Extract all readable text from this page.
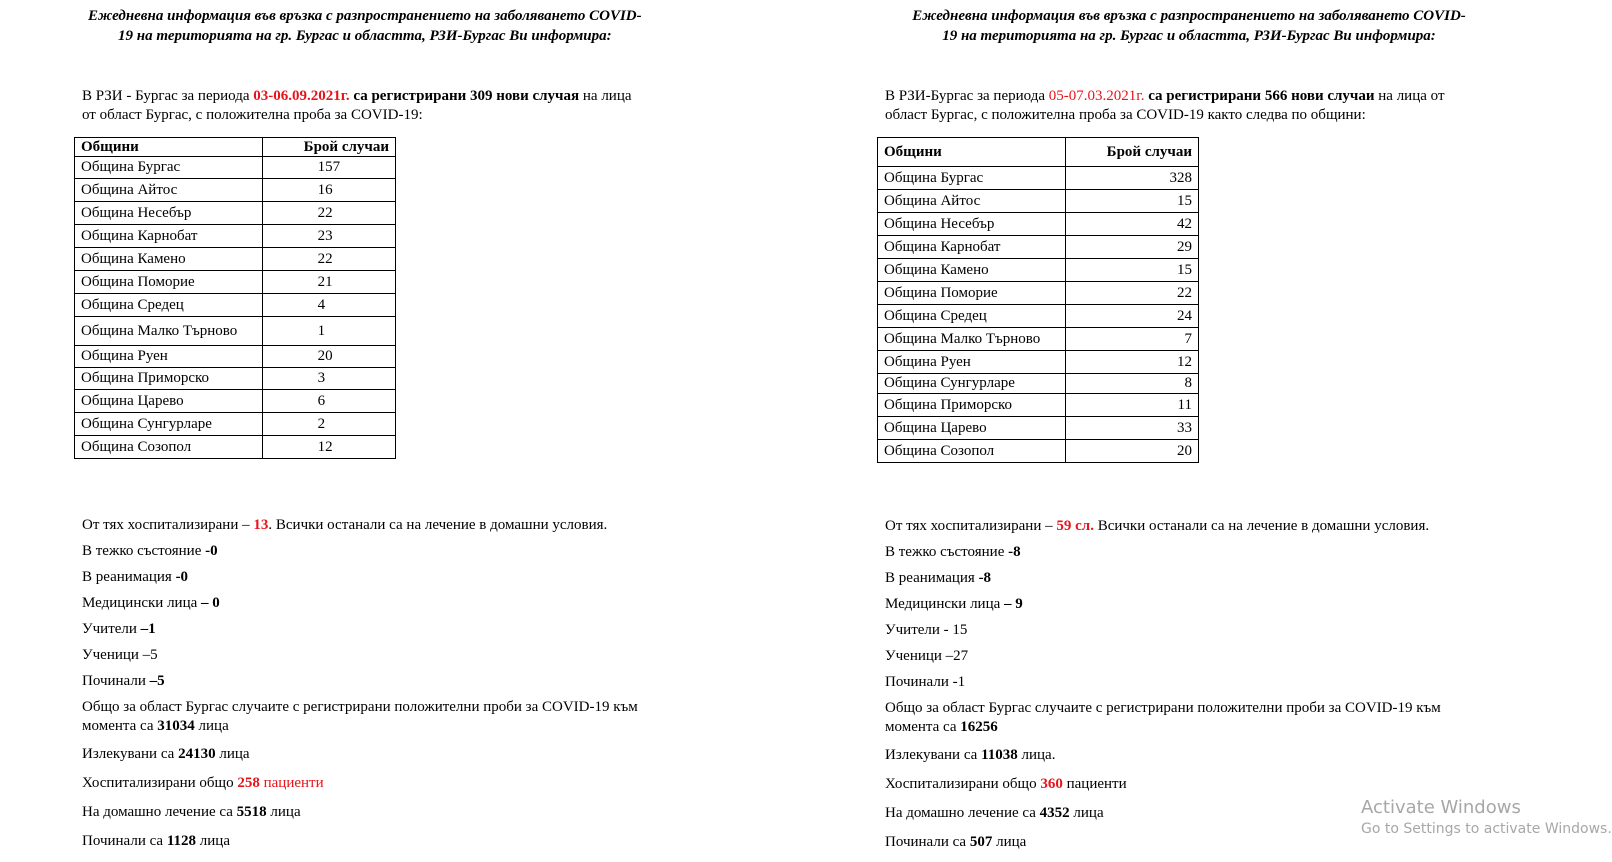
Ежедневна информация във връзка с разпространението на заболяването COVID-
19 на територията на гр. Бургас и областта, РЗИ-Бургас Ви информира:
В РЗИ - Бургас за периода 03-06.09.2021г. са регистрирани 309 нови случая на лица
от област Бургас, с положителна проба за COVID-19:
Общини	Брой случаи
Община Бургас	157
Община Айтос	16
Община Несебър	22
Община Карнобат	23
Община Камено	22
Община Поморие	21
Община Средец	4
Община Малко Търново	1
Община Руен	20
Община Приморско	3
Община Царево	6
Община Сунгурларе	2
Община Созопол	12
От тях хоспитализирани – 13. Всички останали са на лечение в домашни условия.
В тежко състояние -0
В реанимация -0
Медицински лица – 0
Учители –1
Ученици –5
Починали –5
Общо за област Бургас случаите с регистрирани положителни проби за COVID-19 към
момента са 31034 лица
Излекувани са 24130 лица
Хоспитализирани общо 258 пациенти
На домашно лечение са 5518 лица
Починали са 1128 лица
Ежедневна информация във връзка с разпространението на заболяването COVID-
19 на територията на гр. Бургас и областта, РЗИ-Бургас Ви информира:
В РЗИ-Бургас за периода 05-07.03.2021г. са регистрирани 566 нови случаи на лица от
област Бургас, с положителна проба за COVID-19 както следва по общини:
Общини	Брой случаи
Община Бургас	328
Община Айтос	15
Община Несебър	42
Община Карнобат	29
Община Камено	15
Община Поморие	22
Община Средец	24
Община Малко Търново	7
Община Руен	12
Община Сунгурларе	8
Община Приморско	11
Община Царево	33
Община Созопол	20
От тях хоспитализирани – 59 сл. Всички останали са на лечение в домашни условия.
В тежко състояние -8
В реанимация -8
Медицински лица – 9
Учители - 15
Ученици –27
Починали -1
Общо за област Бургас случаите с регистрирани положителни проби за COVID-19 към
момента са 16256
Излекувани са 11038 лица.
Хоспитализирани общо 360 пациенти
На домашно лечение са 4352 лица
Починали са 507 лица
Activate Windows
Go to Settings to activate Windows.
